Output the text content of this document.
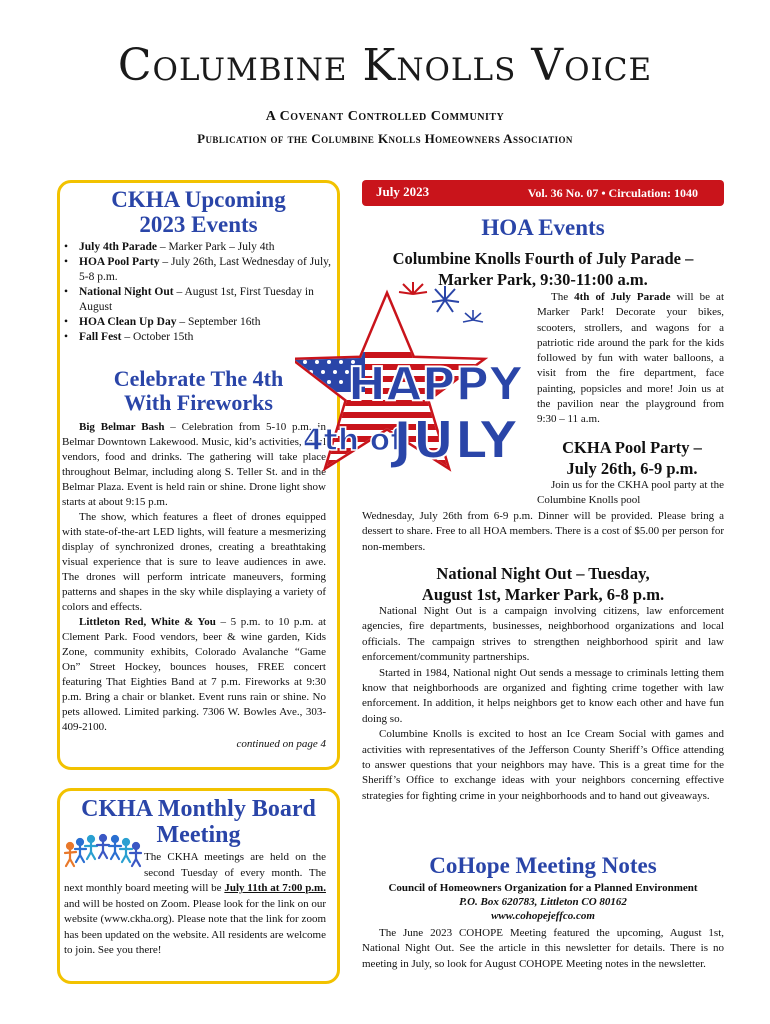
Columbine Knolls Voice
A Covenant Controlled Community
Publication of the Columbine Knolls Homeowners Association
CKHA Upcoming
2023 Events
• July 4th Parade – Marker Park – July 4th
• HOA Pool Party – July 26th, Last Wednesday of July, 5-8 p.m.
• National Night Out – August 1st, First Tuesday in August
• HOA Clean Up Day – September 16th
• Fall Fest – October 15th
Celebrate The 4th
With Fireworks

Big Belmar Bash – Celebration from 5-10 p.m. in Belmar Downtown Lakewood. Music, kid’s activities, local vendors, food and drinks. The gathering will take place throughout Belmar, including along S. Teller St. and in the Belmar Plaza. Event is held rain or shine. Drone light show starts at about 9:15 p.m.

The show, which features a fleet of drones equipped with state-of-the-art LED lights, will feature a mesmerizing display of synchronized drones, creating a breathtaking visual experience that is sure to leave audiences in awe. The drones will perform intricate maneuvers, forming patterns and shapes in the sky while displaying a variety of colors and effects.

Littleton Red, White & You – 5 p.m. to 10 p.m. at Clement Park. Food vendors, beer & wine garden, Kids Zone, community exhibits, Colorado Avalanche “Game On” Street Hockey, bounces houses, FREE concert featuring That Eighties Band at 7 p.m. Fireworks at 9:30 p.m. Bring a chair or blanket. Event runs rain or shine. No pets allowed. Limited parking. 7306 W. Bowles Ave., 303-409-2100.

continued on page 4

CKHA Monthly Board
Meeting
The CKHA meetings are held on the second Tuesday of every month. The next monthly board meeting will be July 11th at 7:00 p.m. and will be hosted on Zoom. Please look for the link on our website (www.ckha.org). Please note that the link for zoom has been updated on the website. All residents are welcome to join. See you there!
July 2023	Vol. 36 No. 07 • Circulation: 1040
HOA Events
Columbine Knolls Fourth of July Parade –
Marker Park, 9:30-11:00 a.m.
HAPPY
4th of
JULY

The 4th of July Parade will be at Marker Park! Decorate your bikes, scooters, strollers, and wagons for a patriotic ride around the park for the kids followed by fun with water balloons, a visit from the fire department, face painting, popsicles and more! Join us at the pavilion near the playground from 9:30 – 11 a.m.

CKHA Pool Party –
July 26th, 6-9 p.m.

Join us for the CKHA pool party at the Columbine Knolls pool

Wednesday, July 26th from 6-9 p.m. Dinner will be provided. Please bring a dessert to share. Free to all HOA members. There is a cost of $5.00 per person for non-members.

National Night Out – Tuesday,
August 1st, Marker Park, 6-8 p.m.

National Night Out is a campaign involving citizens, law enforcement agencies, fire departments, businesses, neighborhood organizations and local officials. The campaign strives to strengthen neighborhood spirit and law enforcement/community partnerships.

Started in 1984, National night Out sends a message to criminals letting them know that neighborhoods are organized and fighting crime together with law enforcement. In addition, it helps neighbors get to know each other and have fun doing so.

Columbine Knolls is excited to host an Ice Cream Social with games and activities with representatives of the Jefferson County Sheriff’s Office attending to answer questions that your neighbors may have. This is a great time for the Sheriff’s Office to exchange ideas with your neighbors concerning effective strategies for fighting crime in your neighborhoods and to hand out giveaways.

CoHope Meeting Notes
Council of Homeowners Organization for a Planned Environment
P.O. Box 620783, Littleton CO 80162
www.cohopejeffco.com

The June 2023 COHOPE Meeting featured the upcoming, August 1st, National Night Out. See the article in this newsletter for details. There is no meeting in July, so look for August COHOPE Meeting notes in the newsletter.
